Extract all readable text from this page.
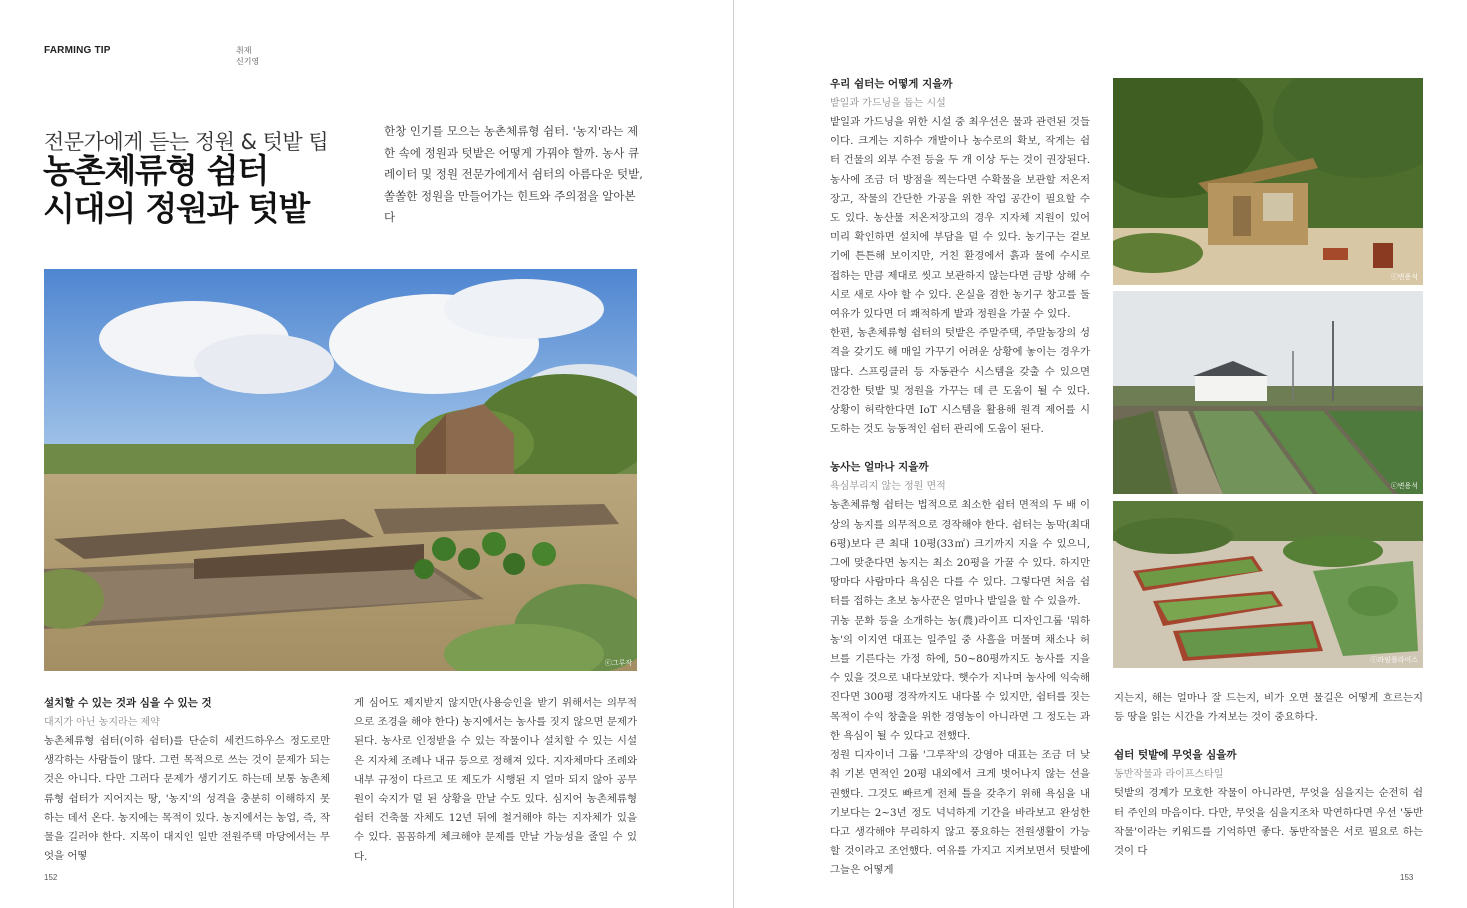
FARMING TIP	취재
신기영
전문가에게 듣는 정원 & 텃밭 팁
농촌체류형 쉼터
시대의 정원과 텃밭

한창 인기를 모으는 농촌체류형 쉼터. '농지'라는 제한 속에 정원과 텃밭은 어떻게 가꿔야 할까. 농사 큐레이터 및 정원 전문가에게서 쉼터의 아름다운 텃밭, 쏠쏠한 정원을 만들어가는 힌트와 주의점을 알아본다

ⓒ그루작

설치할 수 있는 것과 심을 수 있는 것

대지가 아닌 농지라는 제약

농촌체류형 쉼터(이하 쉼터)를 단순히 세컨드하우스 정도로만 생각하는 사람들이 많다. 그런 목적으로 쓰는 것이 문제가 되는 것은 아니다. 다만 그러다 문제가 생기기도 하는데 보통 농촌체류형 쉼터가 지어지는 땅, '농지'의 성격을 충분히 이해하지 못하는 데서 온다. 농지에는 목적이 있다. 농지에서는 농업, 즉, 작물을 길러야 한다. 지목이 대지인 일반 전원주택 마당에서는 무엇을 어떻

게 심어도 제지받지 않지만(사용승인을 받기 위해서는 의무적으로 조경을 해야 한다) 농지에서는 농사를 짓지 않으면 문제가 된다. 농사로 인정받을 수 있는 작물이나 설치할 수 있는 시설은 지자체 조례나 내규 등으로 정해져 있다. 지자체마다 조례와 내부 규정이 다르고 또 제도가 시행된 지 얼마 되지 않아 공무원이 숙지가 덜 된 상황을 만날 수도 있다. 심지어 농촌체류형 쉼터 건축물 자체도 12년 뒤에 철거해야 하는 지자체가 있을 수 있다. 꼼꼼하게 체크해야 문제를 만날 가능성을 줄일 수 있다.

152

우리 쉼터는 어떻게 지을까

밭일과 가드닝을 돕는 시설

밭일과 가드닝을 위한 시설 중 최우선은 물과 관련된 것들이다. 크게는 지하수 개발이나 농수로의 확보, 작게는 쉼터 건물의 외부 수전 등을 두 개 이상 두는 것이 권장된다. 농사에 조금 더 방점을 찍는다면 수확물을 보관할 저온저장고, 작물의 간단한 가공을 위한 작업 공간이 필요할 수도 있다. 농산물 저온저장고의 경우 지자체 지원이 있어 미리 확인하면 설치에 부담을 덜 수 있다. 농기구는 겉보기에 튼튼해 보이지만, 거친 환경에서 흙과 물에 수시로 접하는 만큼 제대로 씻고 보관하지 않는다면 금방 상해 수시로 새로 사야 할 수 있다. 온실을 겸한 농기구 창고를 둘 여유가 있다면 더 쾌적하게 밭과 정원을 가꿀 수 있다.

한편, 농촌체류형 쉼터의 텃밭은 주말주택, 주말농장의 성격을 갖기도 해 매일 가꾸기 어려운 상황에 놓이는 경우가 많다. 스프링클러 등 자동관수 시스템을 갖출 수 있으면 건강한 텃밭 및 정원을 가꾸는 데 큰 도움이 될 수 있다. 상황이 허락한다면 IoT 시스템을 활용해 원격 제어를 시도하는 것도 능동적인 쉼터 관리에 도움이 된다.

농사는 얼마나 지을까

욕심부리지 않는 정원 면적

농촌체류형 쉼터는 법적으로 최소한 쉼터 면적의 두 배 이상의 농지를 의무적으로 경작해야 한다. 쉼터는 농막(최대 6평)보다 큰 최대 10평(33㎡) 크기까지 지을 수 있으니, 그에 맞춘다면 농지는 최소 20평을 가꿀 수 있다. 하지만 땅마다 사람마다 욕심은 다를 수 있다. 그렇다면 처음 쉼터를 접하는 초보 농사꾼은 얼마나 밭일을 할 수 있을까.

귀농 문화 등을 소개하는 농(農)라이프 디자인그룹 '뭐하농'의 이지연 대표는 일주일 중 사흘을 머물며 채소나 허브를 기른다는 가정 하에, 50~80평까지도 농사를 지을 수 있을 것으로 내다보았다. 햇수가 지나며 농사에 익숙해진다면 300평 경작까지도 내다볼 수 있지만, 쉼터를 짓는 목적이 수익 창출을 위한 경영농이 아니라면 그 정도는 과한 욕심이 될 수 있다고 전했다.

정원 디자이너 그룹 '그루작'의 강영아 대표는 조금 더 낮춰 기본 면적인 20평 내외에서 크게 벗어나지 않는 선을 권했다. 그것도 빠르게 전체 틀을 갖추기 위해 욕심을 내기보다는 2~3년 정도 넉넉하게 기간을 바라보고 완성한다고 생각해야 무리하지 않고 풍요하는 전원생활이 가능할 것이라고 조언했다. 여유를 가지고 지켜보면서 텃밭에 그늘은 어떻게

ⓒ변용석
ⓒ변용석
ⓒ라임플라이스

지는지, 해는 얼마나 잘 드는지, 비가 오면 물길은 어떻게 흐르는지 등 땅을 읽는 시간을 가져보는 것이 중요하다.

쉼터 텃밭에 무엇을 심을까

동반작물과 라이프스타일

텃밭의 경계가 모호한 작물이 아니라면, 무엇을 심을지는 순전히 쉼터 주인의 마음이다. 다만, 무엇을 심을지조차 막연하다면 우선 '동반작물'이라는 키워드를 기억하면 좋다. 동반작물은 서로 필요로 하는 것이 다

153
